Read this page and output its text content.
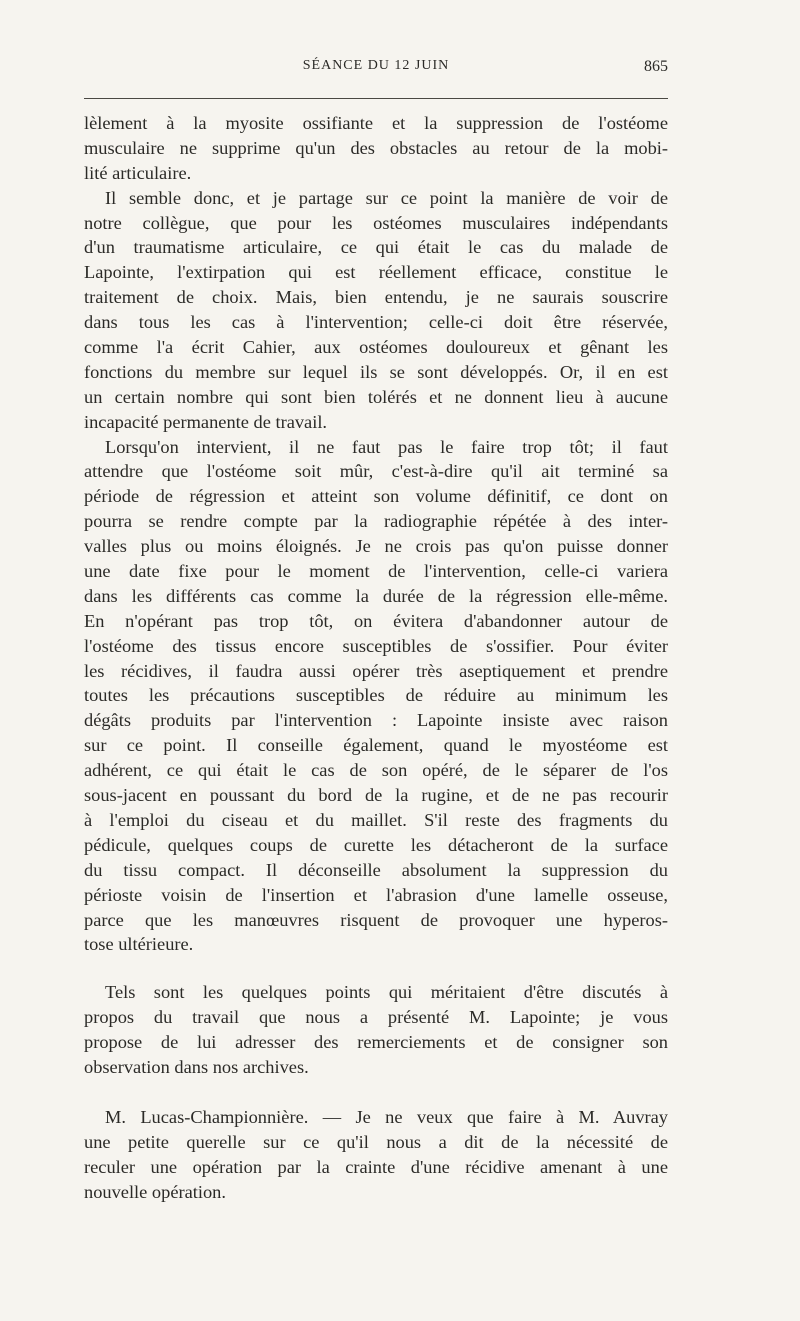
SÉANCE DU 12 JUIN	865
lèlement à la myosite ossifiante et la suppression de l'ostéome
musculaire ne supprime qu'un des obstacles au retour de la mobi-
lité articulaire.
Il semble donc, et je partage sur ce point la manière de voir de
notre collègue, que pour les ostéomes musculaires indépendants
d'un traumatisme articulaire, ce qui était le cas du malade de
Lapointe, l'extirpation qui est réellement efficace, constitue le
traitement de choix. Mais, bien entendu, je ne saurais souscrire
dans tous les cas à l'intervention; celle-ci doit être réservée,
comme l'a écrit Cahier, aux ostéomes douloureux et gênant les
fonctions du membre sur lequel ils se sont développés. Or, il en est
un certain nombre qui sont bien tolérés et ne donnent lieu à aucune
incapacité permanente de travail.
Lorsqu'on intervient, il ne faut pas le faire trop tôt; il faut
attendre que l'ostéome soit mûr, c'est-à-dire qu'il ait terminé sa
période de régression et atteint son volume définitif, ce dont on
pourra se rendre compte par la radiographie répétée à des inter-
valles plus ou moins éloignés. Je ne crois pas qu'on puisse donner
une date fixe pour le moment de l'intervention, celle-ci variera
dans les différents cas comme la durée de la régression elle-même.
En n'opérant pas trop tôt, on évitera d'abandonner autour de
l'ostéome des tissus encore susceptibles de s'ossifier. Pour éviter
les récidives, il faudra aussi opérer très aseptiquement et prendre
toutes les précautions susceptibles de réduire au minimum les
dégâts produits par l'intervention : Lapointe insiste avec raison
sur ce point. Il conseille également, quand le myostéome est
adhérent, ce qui était le cas de son opéré, de le séparer de l'os
sous-jacent en poussant du bord de la rugine, et de ne pas recourir
à l'emploi du ciseau et du maillet. S'il reste des fragments du
pédicule, quelques coups de curette les détacheront de la surface
du tissu compact. Il déconseille absolument la suppression du
périoste voisin de l'insertion et l'abrasion d'une lamelle osseuse,
parce que les manœuvres risquent de provoquer une hyperos-
tose ultérieure.
Tels sont les quelques points qui méritaient d'être discutés à
propos du travail que nous a présenté M. Lapointe; je vous
propose de lui adresser des remerciements et de consigner son
observation dans nos archives.
M. Lucas-Championnière. — Je ne veux que faire à M. Auvray
une petite querelle sur ce qu'il nous a dit de la nécessité de
reculer une opération par la crainte d'une récidive amenant à une
nouvelle opération.
